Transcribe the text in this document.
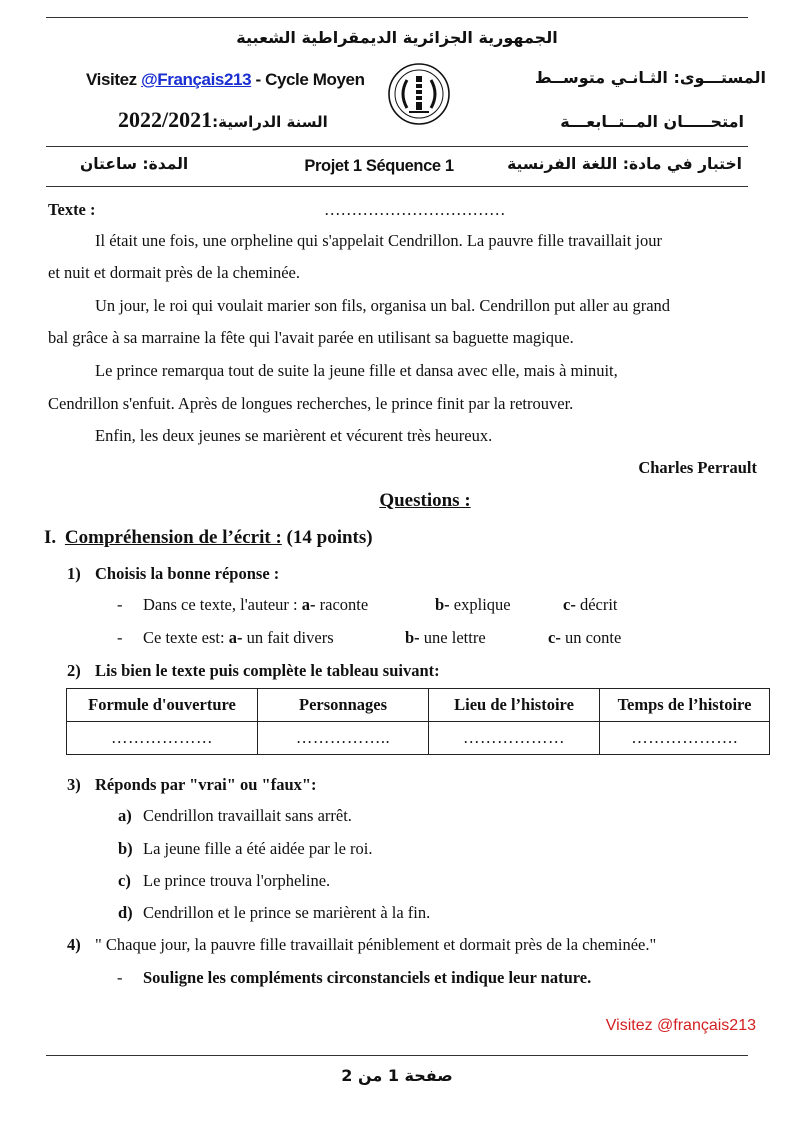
الجمهورية الجزائرية الديمقراطية الشعبية
Visitez @Français213 - Cycle Moyen	المستـــوى: الثـانـي متوســط
2022/2021السنة الدراسية:	امتحـــــان المــتــابعـــة
المدة: ساعتان	Projet 1 Séquence 1	اختبار في مادة: اللغة الفرنسية
Texte :	……………………………
Il était une fois, une orpheline qui s'appelait Cendrillon. La pauvre fille travaillait jour
et nuit et dormait près de la cheminée.
Un jour, le roi qui voulait marier son fils, organisa un bal. Cendrillon put aller au grand
bal grâce à sa marraine la fête qui l'avait parée en utilisant sa baguette magique.
Le prince remarqua tout de suite la jeune fille et dansa avec elle, mais à minuit,
Cendrillon s'enfuit. Après de longues recherches, le prince finit par la retrouver.
Enfin, les deux jeunes se marièrent et vécurent très heureux.
Charles Perrault
Questions :
I. Compréhension de l’écrit : (14 points)
1) Choisis la bonne réponse :
- Dans ce texte, l'auteur : a- raconte	b- explique	c- décrit
- Ce texte est: a- un fait divers	b- une lettre	c- un conte
2) Lis bien le texte puis complète le tableau suivant:
Formule d'ouverture	Personnages	Lieu de l’histoire	Temps de l’histoire
………………	……………..	………………	……………….
3) Réponds par "vrai" ou "faux":
a) Cendrillon travaillait sans arrêt.
b) La jeune fille a été aidée par le roi.
c) Le prince trouva l'orpheline.
d) Cendrillon et le prince se marièrent à la fin.
4) " Chaque jour, la pauvre fille travaillait péniblement et dormait près de la cheminée."
- Souligne les compléments circonstanciels et indique leur nature.
Visitez @français213
صفحة 1 من 2
